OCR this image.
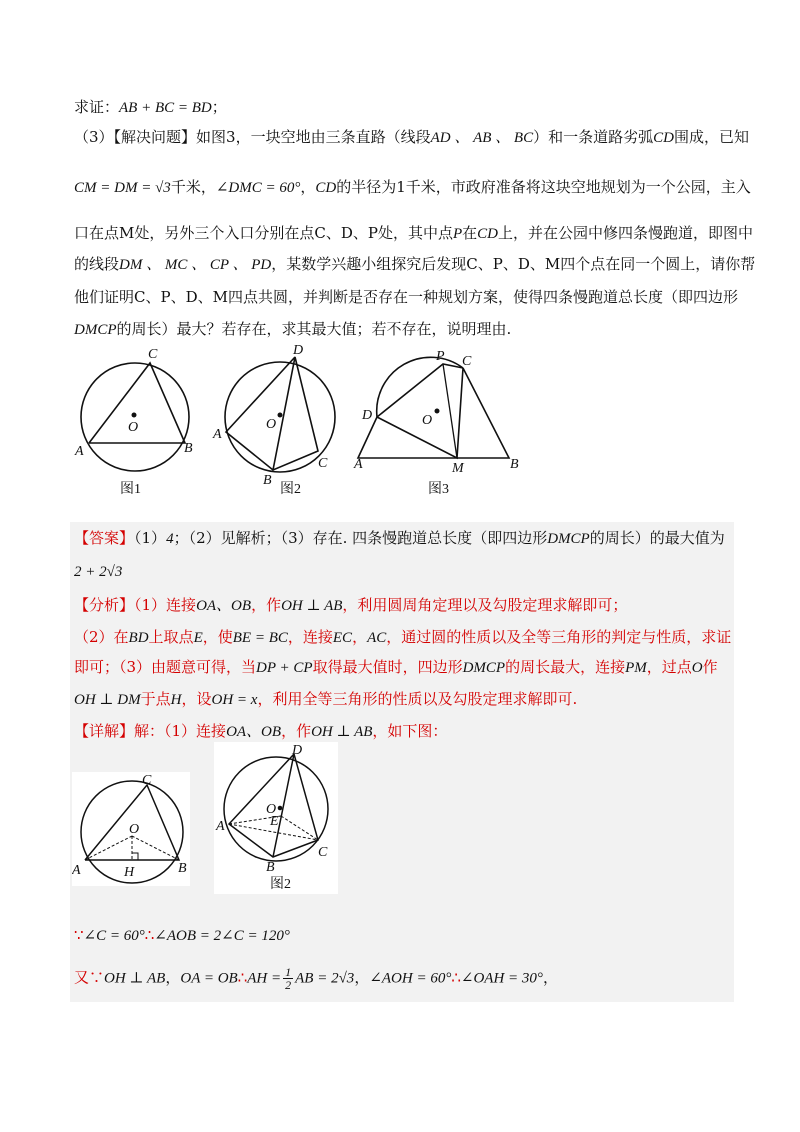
求证：AB + BC = BD；
（3）【解决问题】如图3，一块空地由三条直路（线段AD 、 AB 、 BC）和一条道路劣弧CD围成，已知
CM = DM = √3千米，∠DMC = 60°，CD的半径为1千米，市政府准备将这块空地规划为一个公园，主入
口在点M处，另外三个入口分别在点C、D、P处，其中点P在CD上，并在公园中修四条慢跑道，即图中
的线段DM 、 MC 、 CP 、 PD，某数学兴趣小组探究后发现C、P、D、M四个点在同一个圆上，请你帮
他们证明C、P、D、M四点共圆，并判断是否存在一种规划方案，使得四条慢跑道总长度（即四边形
DMCP的周长）最大？若存在，求其最大值；若不存在，说明理由.
C
O
A	B
图1
D
O
A
C
B
图2
P C
D	O
A	M	B
图3
【答案】（1）4；（2）见解析；（3）存在. 四条慢跑道总长度（即四边形DMCP的周长）的最大值为
2 + 2√3
【分析】（1）连接OA、OB，作OH ⊥ AB，利用圆周角定理以及勾股定理求解即可；
（2）在BD上取点E，使BE = BC，连接EC，AC，通过圆的性质以及全等三角形的判定与性质，求证
即可；（3）由题意可得，当DP + CP取得最大值时，四边形DMCP的周长最大，连接PM，过点O作
OH ⊥ DM于点H，设OH = x，利用全等三角形的性质以及勾股定理求解即可.
【详解】解：（1）连接OA、OB，作OH ⊥ AB，如下图：
C
O
A	H	B
D
O
E
A
C
B
图2
∵∠C = 60°∴∠AOB = 2∠C = 120°
又∵OH ⊥ AB，OA = OB∴AH = $\frac{1}{2}$ AB = 2√3，∠AOH = 60°∴∠OAH = 30°，
